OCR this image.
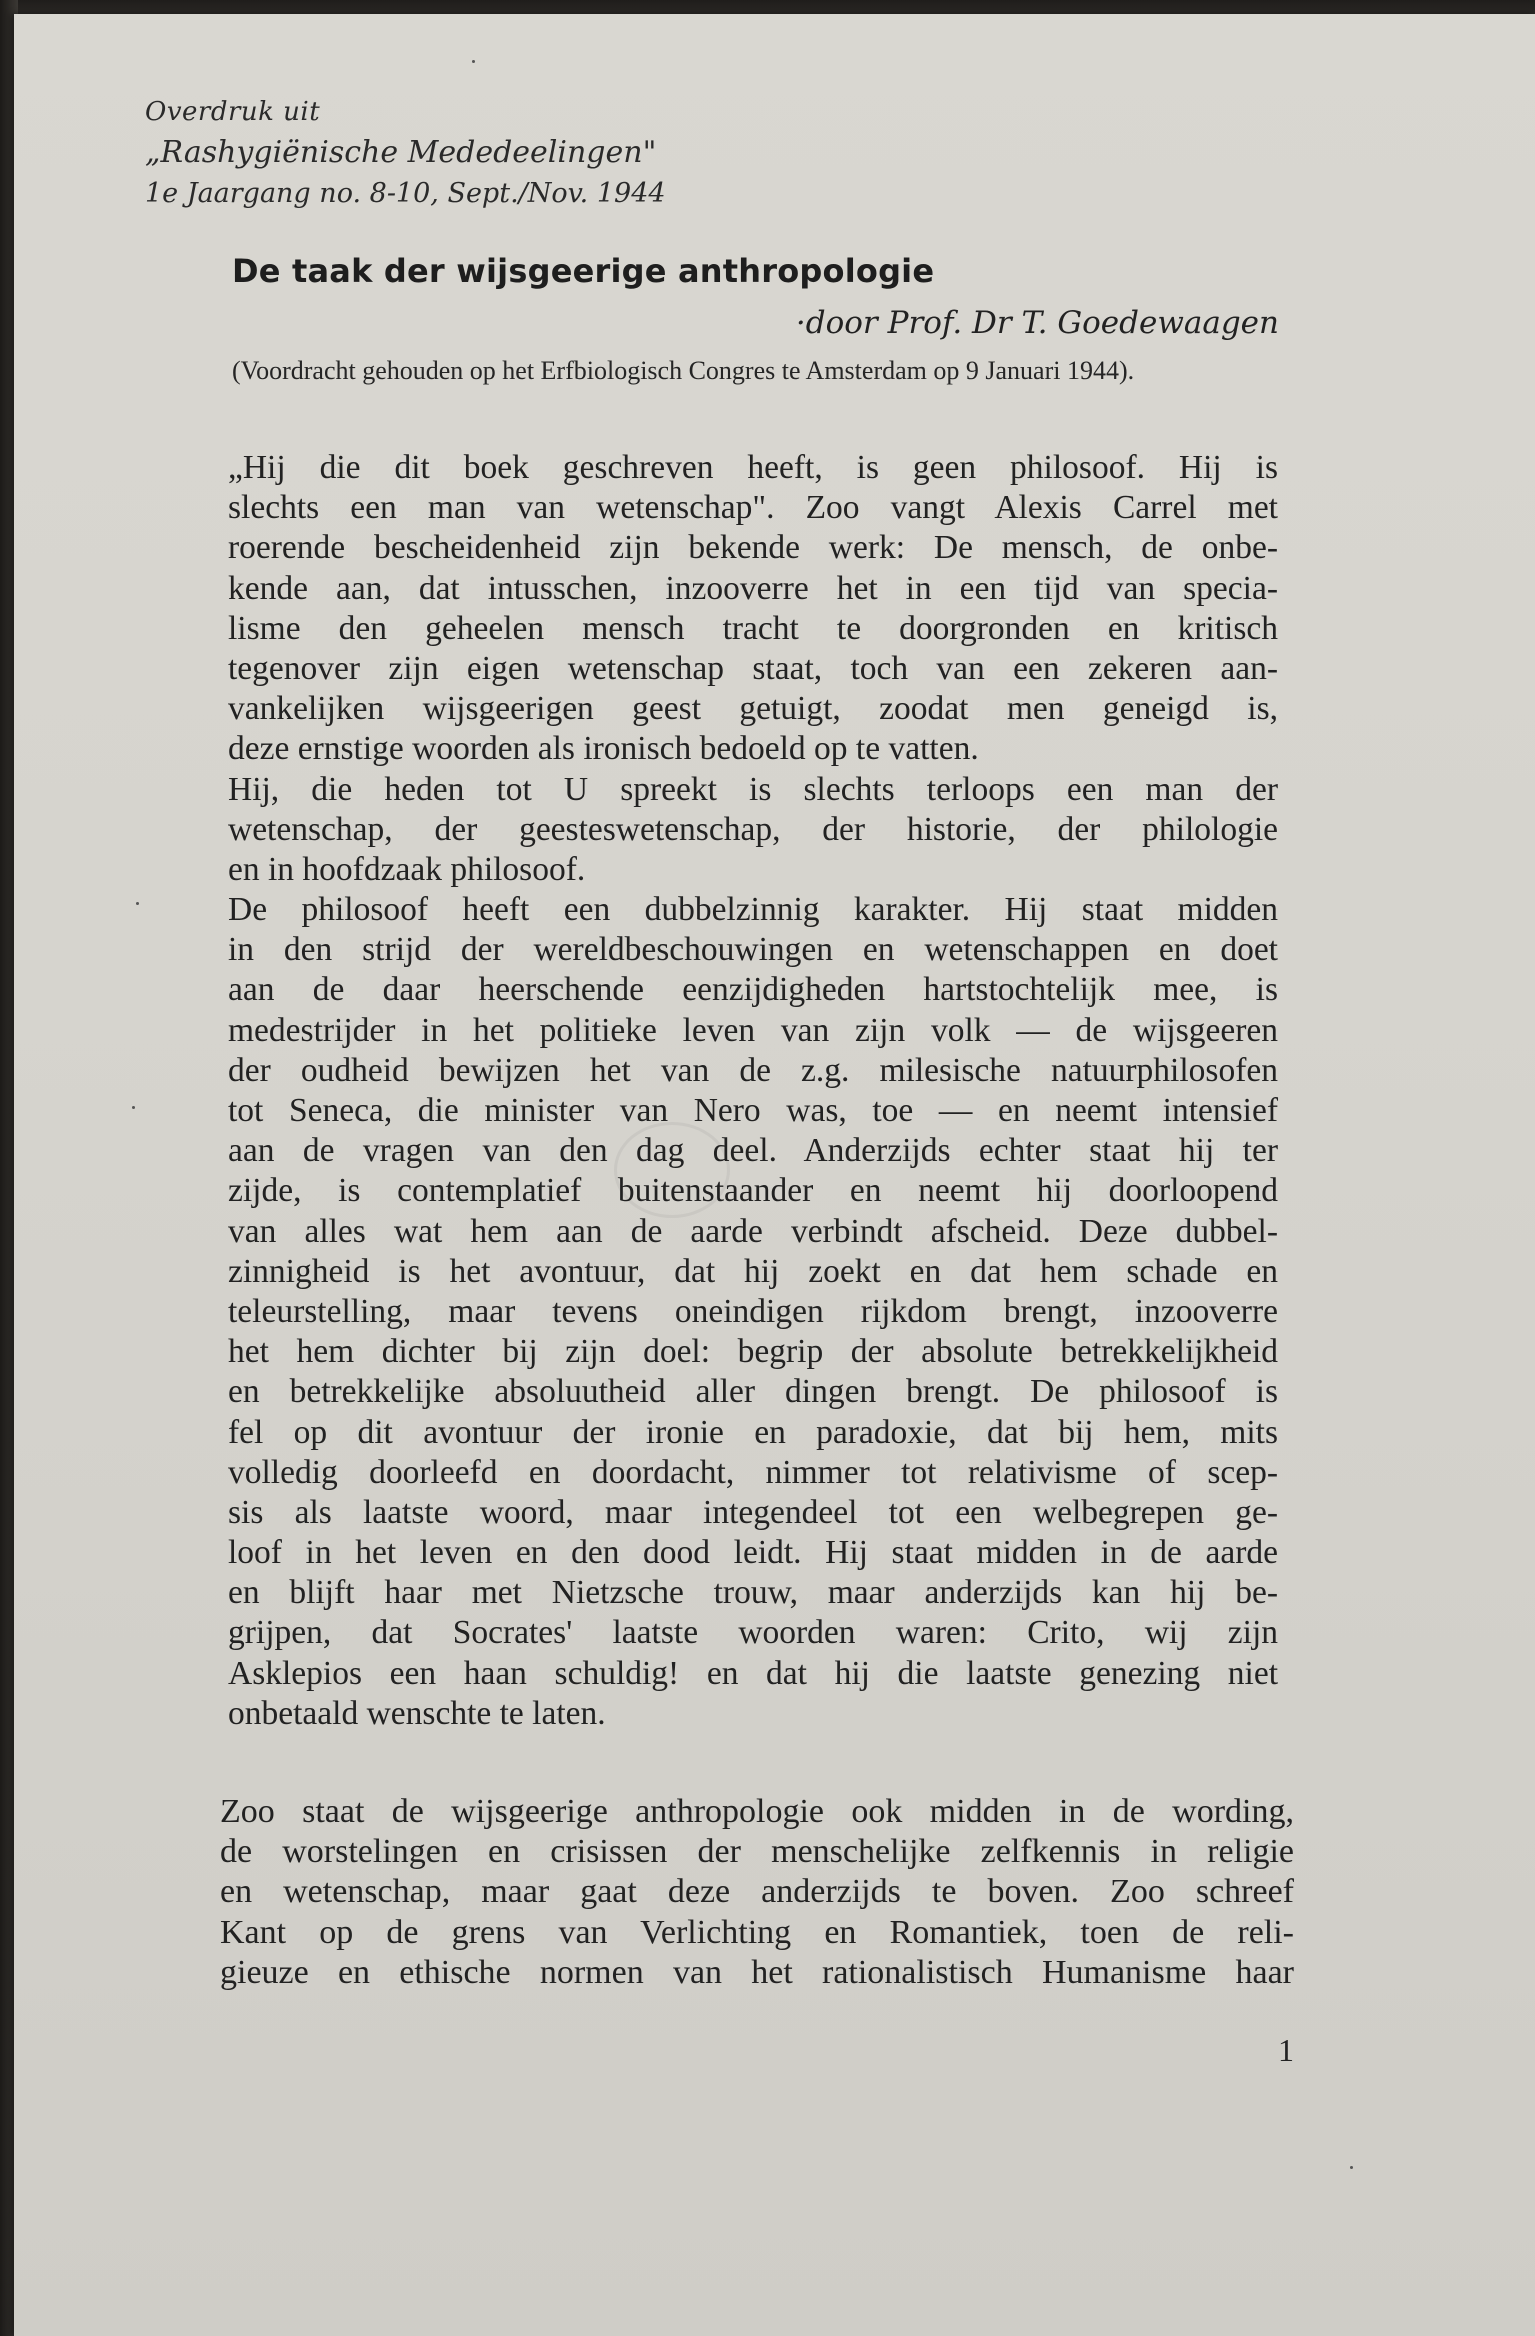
Overdruk uit
„Rashygiënische Mededeelingen"
1e Jaargang no. 8-10, Sept./Nov. 1944
De taak der wijsgeerige anthropologie
·door Prof. Dr T. Goedewaagen
(Voordracht gehouden op het Erfbiologisch Congres te Amsterdam op 9 Januari 1944).
„Hij die dit boek geschreven heeft, is geen philosoof. Hij is
slechts een man van wetenschap". Zoo vangt Alexis Carrel met
roerende bescheidenheid zijn bekende werk: De mensch, de onbe-
kende aan, dat intusschen, inzooverre het in een tijd van specia-
lisme den geheelen mensch tracht te doorgronden en kritisch
tegenover zijn eigen wetenschap staat, toch van een zekeren aan-
vankelijken wijsgeerigen geest getuigt, zoodat men geneigd is,
deze ernstige woorden als ironisch bedoeld op te vatten.
Hij, die heden tot U spreekt is slechts terloops een man der
wetenschap, der geesteswetenschap, der historie, der philologie
en in hoofdzaak philosoof.
De philosoof heeft een dubbelzinnig karakter. Hij staat midden
in den strijd der wereldbeschouwingen en wetenschappen en doet
aan de daar heerschende eenzijdigheden hartstochtelijk mee, is
medestrijder in het politieke leven van zijn volk — de wijsgeeren
der oudheid bewijzen het van de z.g. milesische natuurphilosofen
tot Seneca, die minister van Nero was, toe — en neemt intensief
aan de vragen van den dag deel. Anderzijds echter staat hij ter
zijde, is contemplatief buitenstaander en neemt hij doorloopend
van alles wat hem aan de aarde verbindt afscheid. Deze dubbel-
zinnigheid is het avontuur, dat hij zoekt en dat hem schade en
teleurstelling, maar tevens oneindigen rijkdom brengt, inzooverre
het hem dichter bij zijn doel: begrip der absolute betrekkelijkheid
en betrekkelijke absoluutheid aller dingen brengt. De philosoof is
fel op dit avontuur der ironie en paradoxie, dat bij hem, mits
volledig doorleefd en doordacht, nimmer tot relativisme of scep-
sis als laatste woord, maar integendeel tot een welbegrepen ge-
loof in het leven en den dood leidt. Hij staat midden in de aarde
en blijft haar met Nietzsche trouw, maar anderzijds kan hij be-
grijpen, dat Socrates' laatste woorden waren: Crito, wij zijn
Asklepios een haan schuldig! en dat hij die laatste genezing niet
onbetaald wenschte te laten.
Zoo staat de wijsgeerige anthropologie ook midden in de wording,
de worstelingen en crisissen der menschelijke zelfkennis in religie
en wetenschap, maar gaat deze anderzijds te boven. Zoo schreef
Kant op de grens van Verlichting en Romantiek, toen de reli-
gieuze en ethische normen van het rationalistisch Humanisme haar
1
